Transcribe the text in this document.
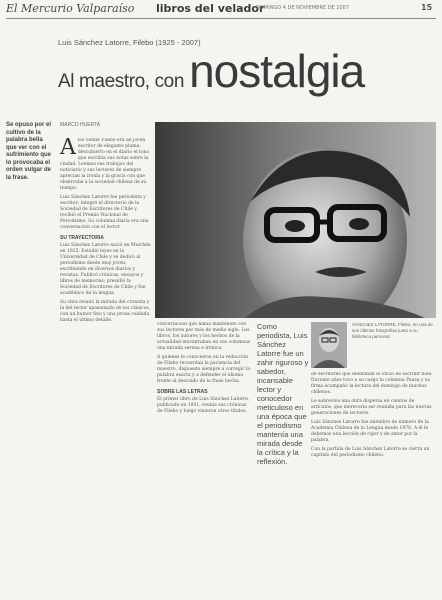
El Mercurio Valparaíso libros del velador
DOMINGO 4 DE NOVIEMBRE DE 2007	15
Luis Sánchez Latorre, Filebo (1925 - 2007)
Al maestro, con nostalgia
Se opuso por el cultivo de la palabra bella que ver con el sufrimiento que lo provocaba el orden vulgar de la frase.
MARCO HUERTA

Alos veinte Filebo era un joven escritor de elegante pluma, descubierto en el diario el tono que escribía sus notas sobre la ciudad. Leemos sus trabajos del noticiario y sus lectores de siempre aprecian la ironía y la gracia con que observaba a la sociedad chilena de su tiempo.

Luis Sánchez Latorre fue periodista y escritor; integró el directorio de la Sociedad de Escritores de Chile y recibió el Premio Nacional de Periodismo. Su columna diaria era una conversación con el lector.

SU TRAYECTORIA

Luis Sánchez Latorre nació en Mulchén en 1925. Estudió leyes en la Universidad de Chile y se dedicó al periodismo desde muy joven, escribiendo en diversos diarios y revistas. Publicó crónicas, ensayos y libros de memorias; presidió la Sociedad de Escritores de Chile y fue académico de la lengua.

Su obra reunió la mirada del cronista y la del lector apasionado de los clásicos, con un humor fino y una prosa cuidada hasta el último detalle.

conversación que había mantenido con sus lectores por más de medio siglo. Los libros, los autores y los hechos de la actualidad encontraban en sus columnas una mirada serena e irónica.

A quienes le conocieron en la redacción de Filebo recuerdan la paciencia del maestro, dispuesto siempre a corregir la palabra exacta y a defender el idioma frente al descuido de la frase hecha.

SOBRE LAS LETRAS

El primer libro de Luis Sánchez Latorre, publicado en 1951, reunía sus crónicas de Filebo y luego vinieron otros títulos.

Como periodista, Luis Sánchez Latorre fue un zahir riguroso y sabedor, incansable lector y conocedor meticuloso en una época que el periodismo mantenía una mirada desde la crítica y la reflexión.
SÁNCHEZ LATORRE, Filebo, en una de sus últimas fotografías junto a su biblioteca personal.

de escritores que defendían el oficio de escribir bien. Durante años tuvo a su cargo la columna Pausa y su firma acompañó la lectura del domingo de muchos chilenos.

Le sobrevive una obra dispersa en cientos de artículos, que merecería ser reunida para las nuevas generaciones de lectores.

Luis Sánchez Latorre fue miembro de número de la Academia Chilena de la Lengua desde 1978. A él le debemos una lección de rigor y de amor por la palabra.

Con la partida de Luis Sánchez Latorre se cierra un capítulo del periodismo chileno.
